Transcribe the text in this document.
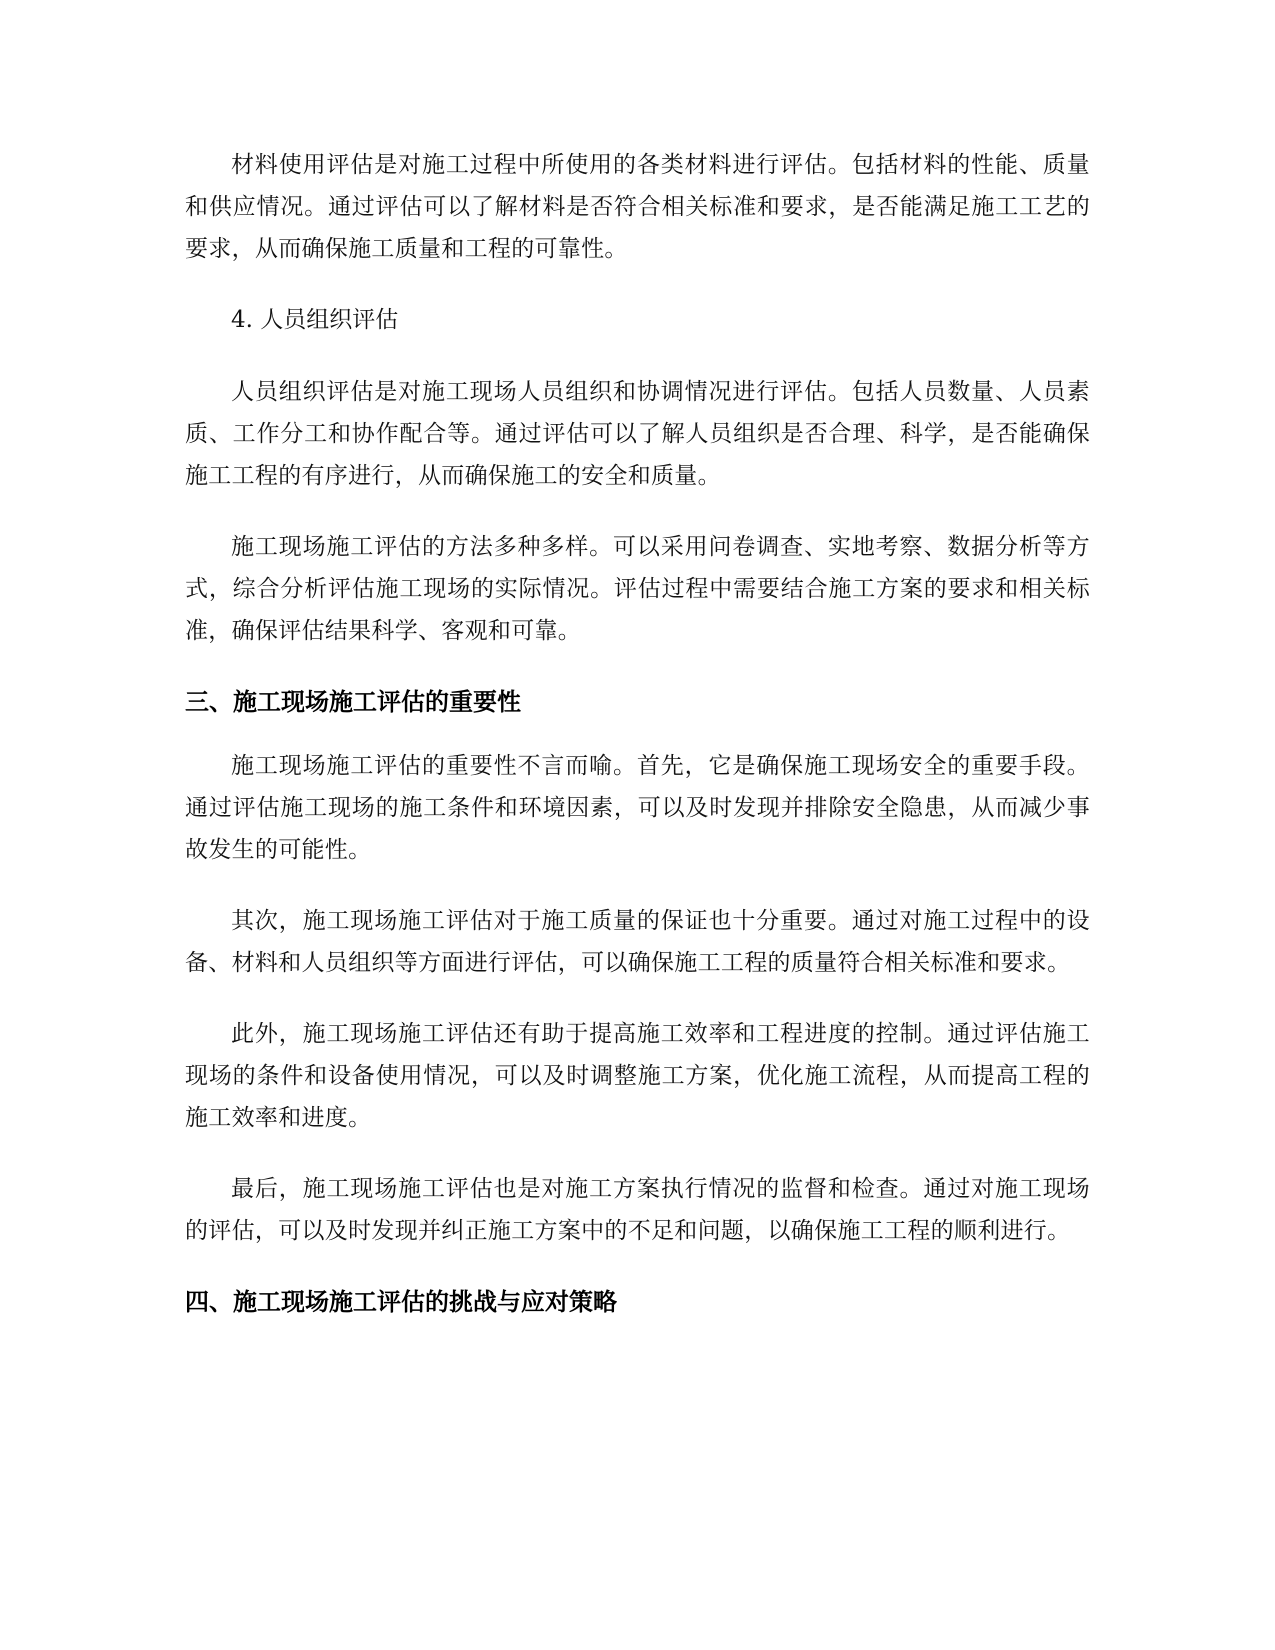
材料使用评估是对施工过程中所使用的各类材料进行评估。包括材料的性能、质量和供应情况。通过评估可以了解材料是否符合相关标准和要求，是否能满足施工工艺的要求，从而确保施工质量和工程的可靠性。

4. 人员组织评估

人员组织评估是对施工现场人员组织和协调情况进行评估。包括人员数量、人员素质、工作分工和协作配合等。通过评估可以了解人员组织是否合理、科学，是否能确保施工工程的有序进行，从而确保施工的安全和质量。

施工现场施工评估的方法多种多样。可以采用问卷调查、实地考察、数据分析等方式，综合分析评估施工现场的实际情况。评估过程中需要结合施工方案的要求和相关标准，确保评估结果科学、客观和可靠。

三、施工现场施工评估的重要性

施工现场施工评估的重要性不言而喻。首先，它是确保施工现场安全的重要手段。通过评估施工现场的施工条件和环境因素，可以及时发现并排除安全隐患，从而减少事故发生的可能性。

其次，施工现场施工评估对于施工质量的保证也十分重要。通过对施工过程中的设备、材料和人员组织等方面进行评估，可以确保施工工程的质量符合相关标准和要求。

此外，施工现场施工评估还有助于提高施工效率和工程进度的控制。通过评估施工现场的条件和设备使用情况，可以及时调整施工方案，优化施工流程，从而提高工程的施工效率和进度。

最后，施工现场施工评估也是对施工方案执行情况的监督和检查。通过对施工现场的评估，可以及时发现并纠正施工方案中的不足和问题，以确保施工工程的顺利进行。

四、施工现场施工评估的挑战与应对策略
